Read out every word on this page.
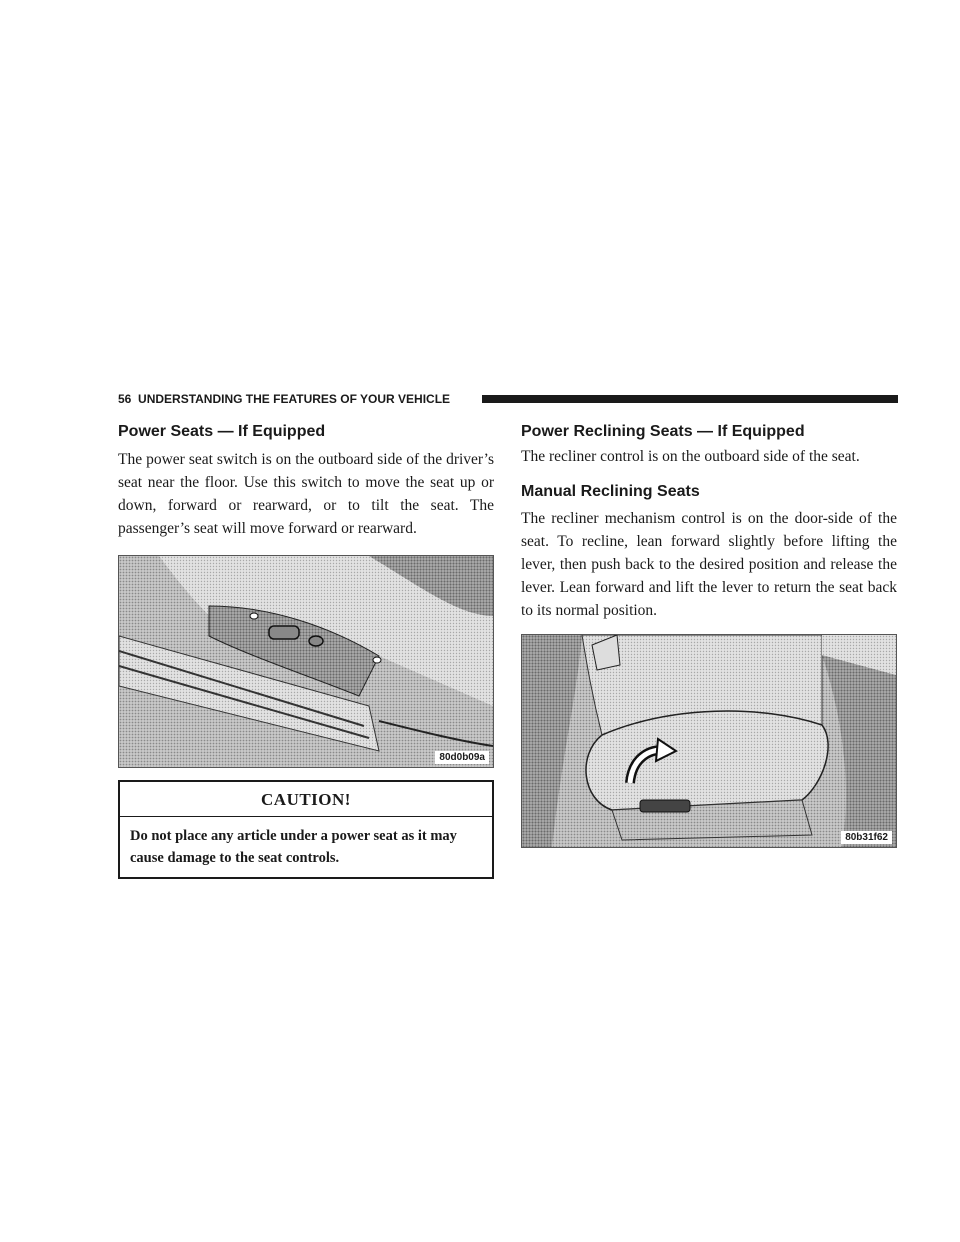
56 UNDERSTANDING THE FEATURES OF YOUR VEHICLE
Power Seats — If Equipped

The power seat switch is on the outboard side of the driver’s seat near the floor. Use this switch to move the seat up or down, forward or rearward, or to tilt the seat. The passenger’s seat will move forward or rearward.

80d0b09a
CAUTION!
Do not place any article under a power seat as it may cause damage to the seat controls.
Power Reclining Seats — If Equipped

The recliner control is on the outboard side of the seat.

Manual Reclining Seats

The recliner mechanism control is on the door-side of the seat. To recline, lean forward slightly before lifting the lever, then push back to the desired position and release the lever. Lean forward and lift the lever to return the seat back to its normal position.

80b31f62
